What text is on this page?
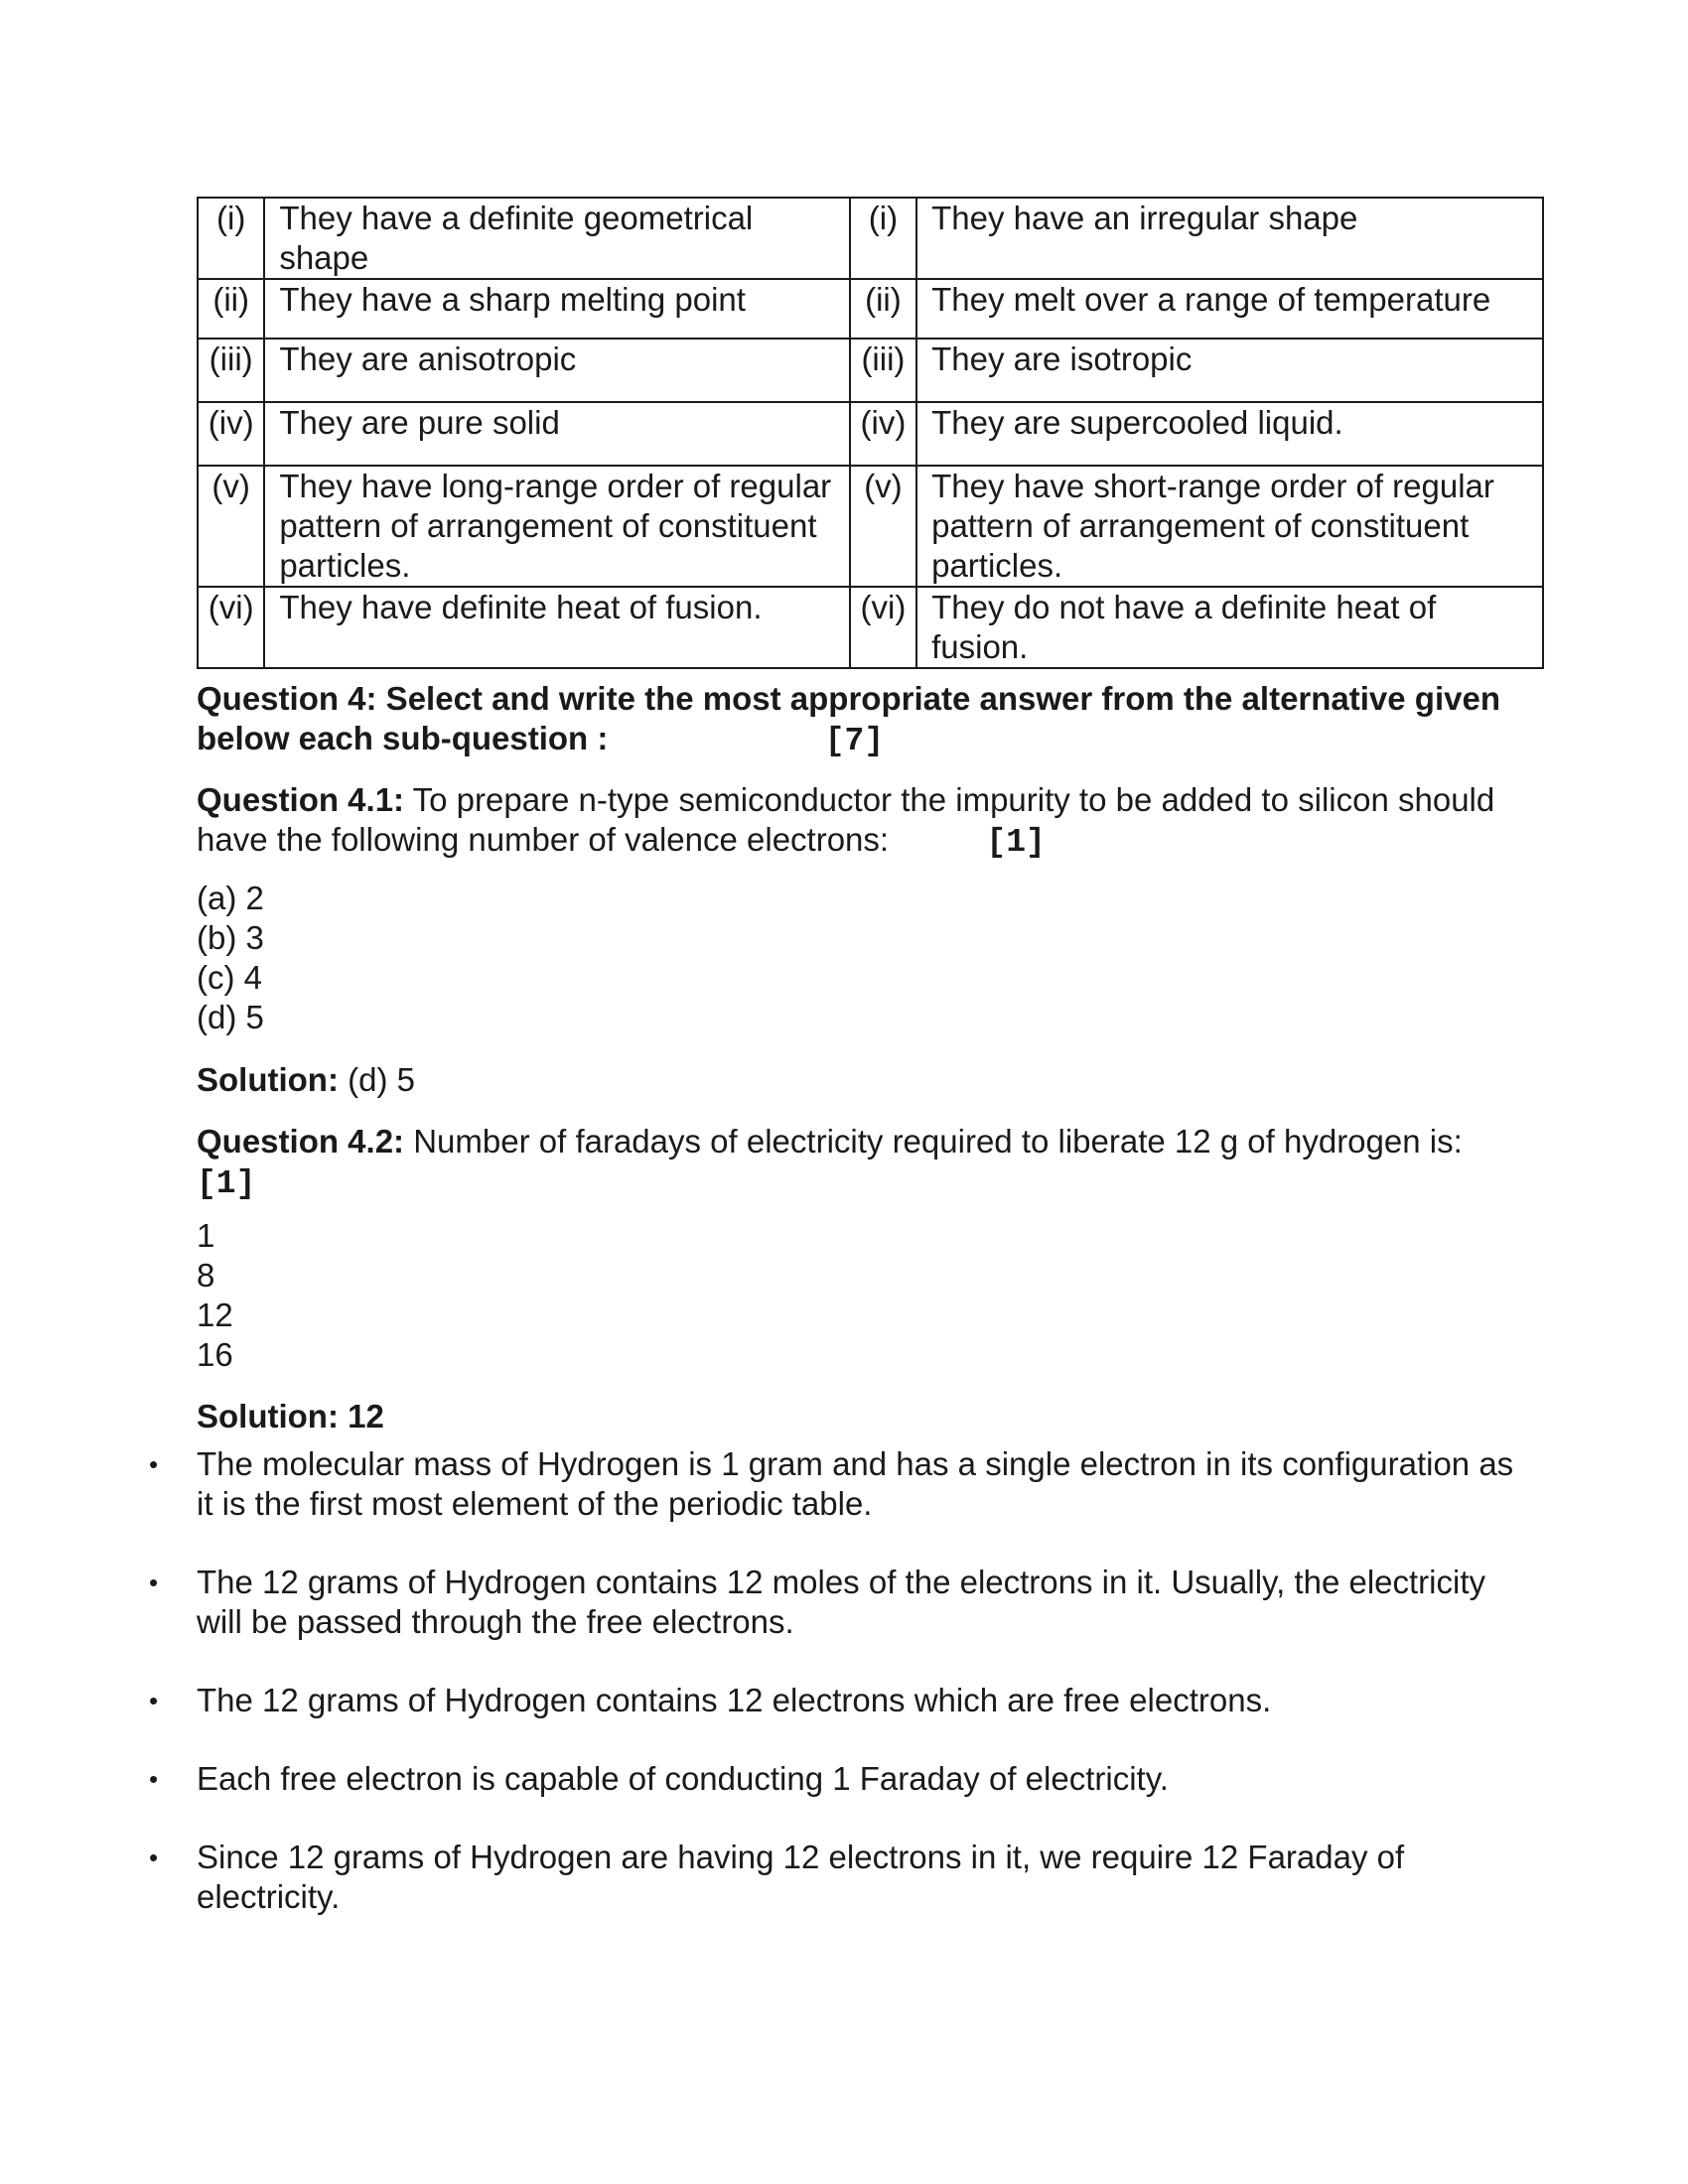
(i)	They have a definite geometrical shape	(i)	They have an irregular shape
(ii)	They have a sharp melting point	(ii)	They melt over a range of temperature
(iii)	They are anisotropic	(iii)	They are isotropic
(iv)	They are pure solid	(iv)	They are supercooled liquid.
(v)	They have long-range order of regular pattern of arrangement of constituent particles.	(v)	They have short-range order of regular pattern of arrangement of constituent particles.
(vi)	They have definite heat of fusion.	(vi)	They do not have a definite heat of fusion.
Question 4: Select and write the most appropriate answer from the alternative given below each sub-question :	[7]
Question 4.1: To prepare n-type semiconductor the impurity to be added to silicon should have the following number of valence electrons:	[1]
(a) 2
(b) 3
(c) 4
(d) 5
Solution: (d) 5
Question 4.2: Number of faradays of electricity required to liberate 12 g of hydrogen is:
[1]
1
8
12
16
Solution: 12
• The molecular mass of Hydrogen is 1 gram and has a single electron in its configuration as it is the first most element of the periodic table.
• The 12 grams of Hydrogen contains 12 moles of the electrons in it. Usually, the electricity will be passed through the free electrons.
• The 12 grams of Hydrogen contains 12 electrons which are free electrons.
• Each free electron is capable of conducting 1 Faraday of electricity.
• Since 12 grams of Hydrogen are having 12 electrons in it, we require 12 Faraday of electricity.
